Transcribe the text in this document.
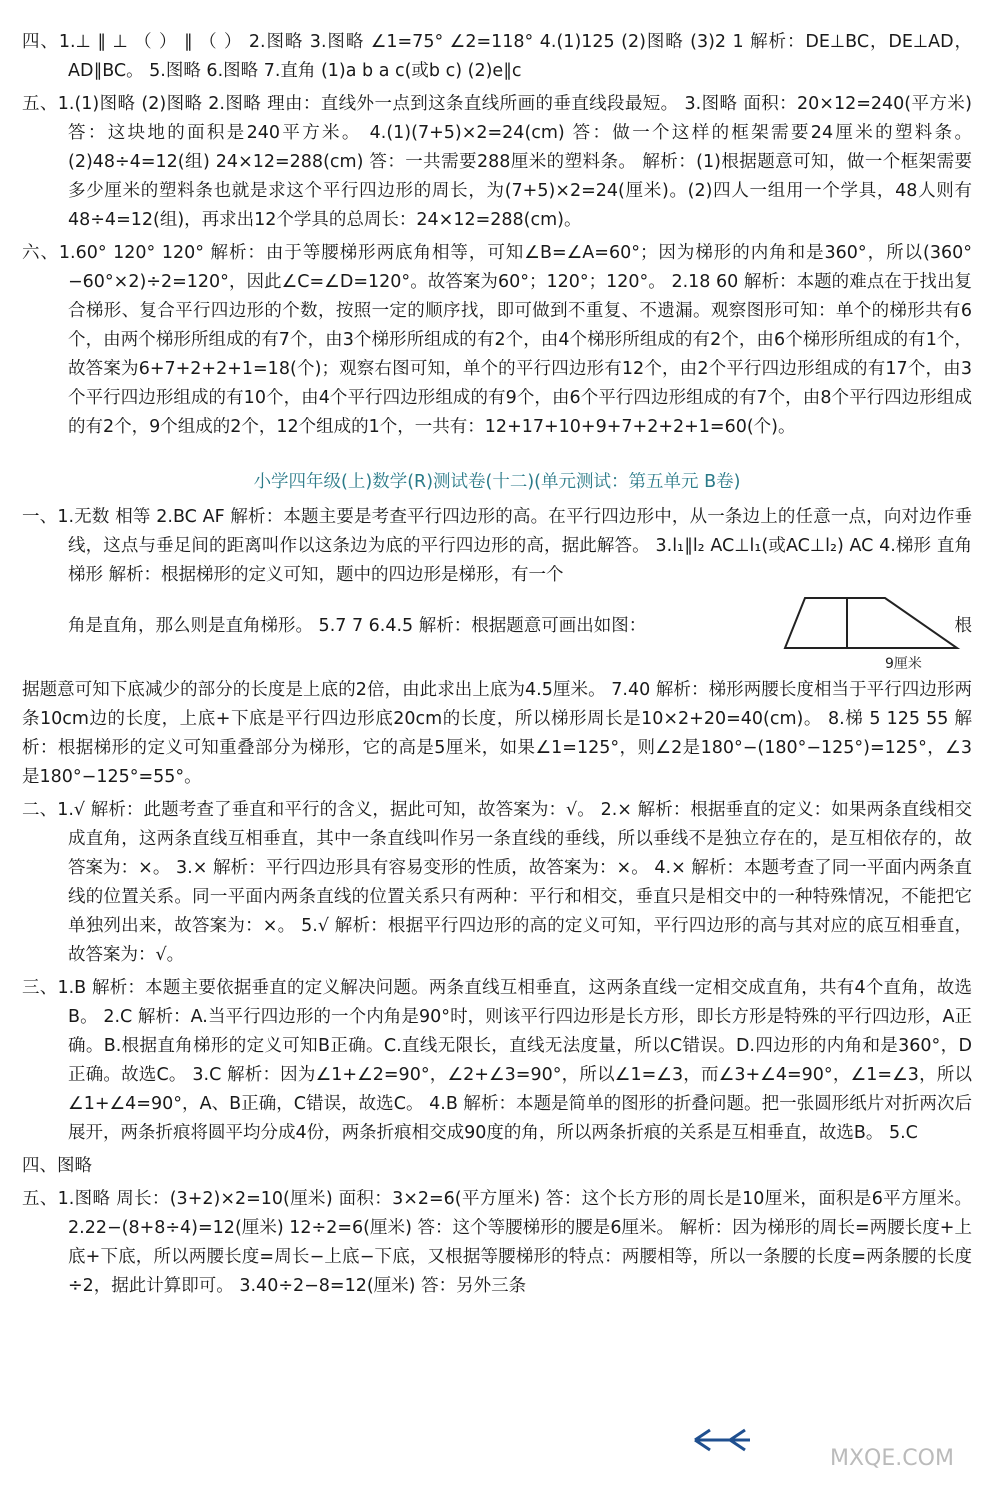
四、1.⊥ ∥ ⊥ （ ） ∥ （ ） 2.图略 3.图略 ∠1=75° ∠2=118° 4.(1)125 (2)图略 (3)2 1 解析：DE⊥BC，DE⊥AD，AD∥BC。 5.图略 6.图略 7.直角 (1)a b a c(或b c) (2)e∥c

五、1.(1)图略 (2)图略 2.图略 理由：直线外一点到这条直线所画的垂直线段最短。 3.图略 面积：20×12=240(平方米) 答：这块地的面积是240平方米。 4.(1)(7+5)×2=24(cm) 答：做一个这样的框架需要24厘米的塑料条。 (2)48÷4=12(组) 24×12=288(cm) 答：一共需要288厘米的塑料条。 解析：(1)根据题意可知，做一个框架需要多少厘米的塑料条也就是求这个平行四边形的周长，为(7+5)×2=24(厘米)。(2)四人一组用一个学具，48人则有48÷4=12(组)，再求出12个学具的总周长：24×12=288(cm)。

六、1.60° 120° 120° 解析：由于等腰梯形两底角相等，可知∠B=∠A=60°；因为梯形的内角和是360°，所以(360°−60°×2)÷2=120°，因此∠C=∠D=120°。故答案为60°；120°；120°。 2.18 60 解析：本题的难点在于找出复合梯形、复合平行四边形的个数，按照一定的顺序找，即可做到不重复、不遗漏。观察图形可知：单个的梯形共有6个，由两个梯形所组成的有7个，由3个梯形所组成的有2个，由4个梯形所组成的有2个，由6个梯形所组成的有1个，故答案为6+7+2+2+1=18(个)；观察右图可知，单个的平行四边形有12个，由2个平行四边形组成的有17个，由3个平行四边形组成的有10个，由4个平行四边形组成的有9个，由6个平行四边形组成的有7个，由8个平行四边形组成的有2个，9个组成的2个，12个组成的1个，一共有：12+17+10+9+7+2+2+1=60(个)。

小学四年级(上)数学(R)测试卷(十二)(单元测试：第五单元 B卷)

一、1.无数 相等 2.BC AF 解析：本题主要是考查平行四边形的高。在平行四边形中，从一条边上的任意一点，向对边作垂线，这点与垂足间的距离叫作以这条边为底的平行四边形的高，据此解答。 3.l₁∥l₂ AC⊥l₁(或AC⊥l₂) AC 4.梯形 直角梯形 解析：根据梯形的定义可知，题中的四边形是梯形，有一个

角是直角，那么则是直角梯形。 5.7 7 6.4.5 解析：根据题意可画出如图：
9厘米
根

据题意可知下底减少的部分的长度是上底的2倍，由此求出上底为4.5厘米。 7.40 解析：梯形两腰长度相当于平行四边形两条10cm边的长度，上底+下底是平行四边形底20cm的长度，所以梯形周长是10×2+20=40(cm)。 8.梯 5 125 55 解析：根据梯形的定义可知重叠部分为梯形，它的高是5厘米，如果∠1=125°，则∠2是180°−(180°−125°)=125°，∠3是180°−125°=55°。

二、1.√ 解析：此题考查了垂直和平行的含义，据此可知，故答案为：√。 2.× 解析：根据垂直的定义：如果两条直线相交成直角，这两条直线互相垂直，其中一条直线叫作另一条直线的垂线，所以垂线不是独立存在的，是互相依存的，故答案为：×。 3.× 解析：平行四边形具有容易变形的性质，故答案为：×。 4.× 解析：本题考查了同一平面内两条直线的位置关系。同一平面内两条直线的位置关系只有两种：平行和相交，垂直只是相交中的一种特殊情况，不能把它单独列出来，故答案为：×。 5.√ 解析：根据平行四边形的高的定义可知，平行四边形的高与其对应的底互相垂直，故答案为：√。

三、1.B 解析：本题主要依据垂直的定义解决问题。两条直线互相垂直，这两条直线一定相交成直角，共有4个直角，故选B。 2.C 解析：A.当平行四边形的一个内角是90°时，则该平行四边形是长方形，即长方形是特殊的平行四边形，A正确。B.根据直角梯形的定义可知B正确。C.直线无限长，直线无法度量，所以C错误。D.四边形的内角和是360°，D正确。故选C。 3.C 解析：因为∠1+∠2=90°，∠2+∠3=90°，所以∠1=∠3，而∠3+∠4=90°，∠1=∠3，所以∠1+∠4=90°，A、B正确，C错误，故选C。 4.B 解析：本题是简单的图形的折叠问题。把一张圆形纸片对折两次后展开，两条折痕将圆平均分成4份，两条折痕相交成90度的角，所以两条折痕的关系是互相垂直，故选B。 5.C

四、图略

五、1.图略 周长：(3+2)×2=10(厘米) 面积：3×2=6(平方厘米) 答：这个长方形的周长是10厘米，面积是6平方厘米。 2.22−(8+8÷4)=12(厘米) 12÷2=6(厘米) 答：这个等腰梯形的腰是6厘米。 解析：因为梯形的周长=两腰长度+上底+下底，所以两腰长度=周长−上底−下底，又根据等腰梯形的特点：两腰相等，所以一条腰的长度=两条腰的长度÷2，据此计算即可。 3.40÷2−8=12(厘米) 答：另外三条

MXQE.COM
